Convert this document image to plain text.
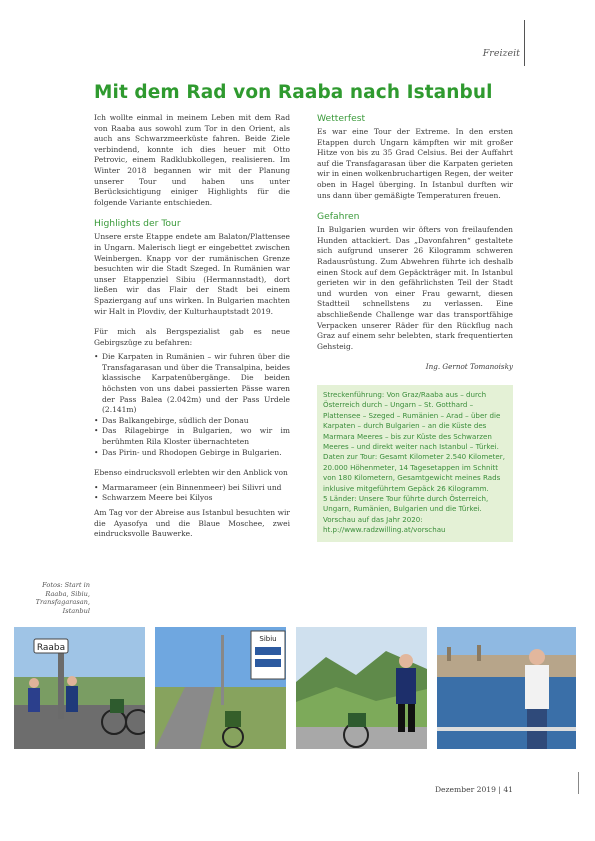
Freizeit
Mit dem Rad von Raaba nach Istanbul

Ich wollte einmal in meinem Leben mit dem Rad von Raaba aus sowohl zum Tor in den Orient, als auch ans Schwarzmeerküste fahren. Beide Ziele verbindend, konnte ich dies heuer mit Otto Petrovic, einem Radklubkollegen, realisieren. Im Winter 2018 begannen wir mit der Planung unserer Tour und haben uns unter Berücksichtigung einiger Highlights für die folgende Variante entschieden.

Highlights der Tour

Unsere erste Etappe endete am Balaton/Plattensee in Ungarn. Malerisch liegt er eingebettet zwischen Weinbergen. Knapp vor der rumänischen Grenze besuchten wir die Stadt Szeged. In Rumänien war unser Etappenziel Sibiu (Hermannstadt), dort ließen wir das Flair der Stadt bei einem Spaziergang auf uns wirken. In Bulgarien machten wir Halt in Plovdiv, der Kulturhauptstadt 2019.

Für mich als Bergspezialist gab es neue Gebirgszüge zu befahren:

• Die Karpaten in Rumänien – wir fuhren über die Transfagarasan und über die Transalpina, beides klassische Karpatenübergänge. Die beiden höchsten von uns dabei passierten Pässe waren der Pass Balea (2.042m) und der Pass Urdele (2.141m)
• Das Balkangebirge, südlich der Donau
• Das Rilagebirge in Bulgarien, wo wir im berühmten Rila Kloster übernachteten
• Das Pirin- und Rhodopen Gebirge in Bulgarien.

Ebenso eindrucksvoll erlebten wir den Anblick von

• Marmarameer (ein Binnenmeer) bei Silivri und
• Schwarzem Meere bei Kilyos

Am Tag vor der Abreise aus Istanbul besuchten wir die Ayasofya und die Blaue Moschee, zwei eindrucksvolle Bauwerke.

Wetterfest

Es war eine Tour der Extreme. In den ersten Etappen durch Ungarn kämpften wir mit großer Hitze von bis zu 35 Grad Celsius. Bei der Auffahrt auf die Transfagarasan über die Karpaten gerieten wir in einen wolkenbruchartigen Regen, der weiter oben in Hagel überging. In Istanbul durften wir uns dann über gemäßigte Temperaturen freuen.

Gefahren

In Bulgarien wurden wir öfters von freilaufenden Hunden attackiert. Das „Davonfahren“ gestaltete sich aufgrund unserer 26 Kilogramm schweren Radausrüstung. Zum Abwehren führte ich deshalb einen Stock auf dem Gepäckträger mit. In Istanbul gerieten wir in den gefährlichsten Teil der Stadt und wurden von einer Frau gewarnt, diesen Stadtteil schnellstens zu verlassen. Eine abschließende Challenge war das transportfähige Verpacken unserer Räder für den Rückflug nach Graz auf einem sehr belebten, stark frequentierten Gehsteig.

Ing. Gernot Tomanoisky

Streckenführung: Von Graz/Raaba aus – durch Österreich durch – Ungarn – St. Gotthard – Plattensee – Szeged – Rumänien – Arad – über die Karpaten – durch Bulgarien – an die Küste des Marmara Meeres – bis zur Küste des Schwarzen Meeres – und direkt weiter nach Istanbul – Türkei.

Daten zur Tour: Gesamt Kilometer 2.540 Kilometer, 20.000 Höhenmeter, 14 Tagesetappen im Schnitt von 180 Kilometern, Gesamtgewicht meines Rads inklusive mitgeführtem Gepäck 26 Kilogramm.

5 Länder: Unsere Tour führte durch Österreich, Ungarn, Rumänien, Bulgarien und die Türkei.

Vorschau auf das Jahr 2020:

ht.p://www.radzwilling.at/vorschau

Fotos: Start in Raaba, Sibiu, Transfagarasan, Istanbul
Raaba
Sibiu
Dezember 2019 | 41
